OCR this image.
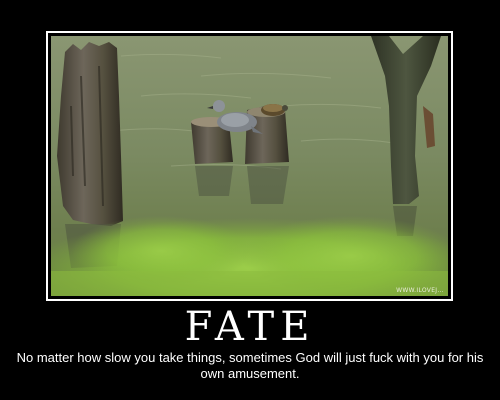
WWW.ILOVEJ...
FATE

No matter how slow you take things, sometimes God will just fuck with you for his own amusement.
